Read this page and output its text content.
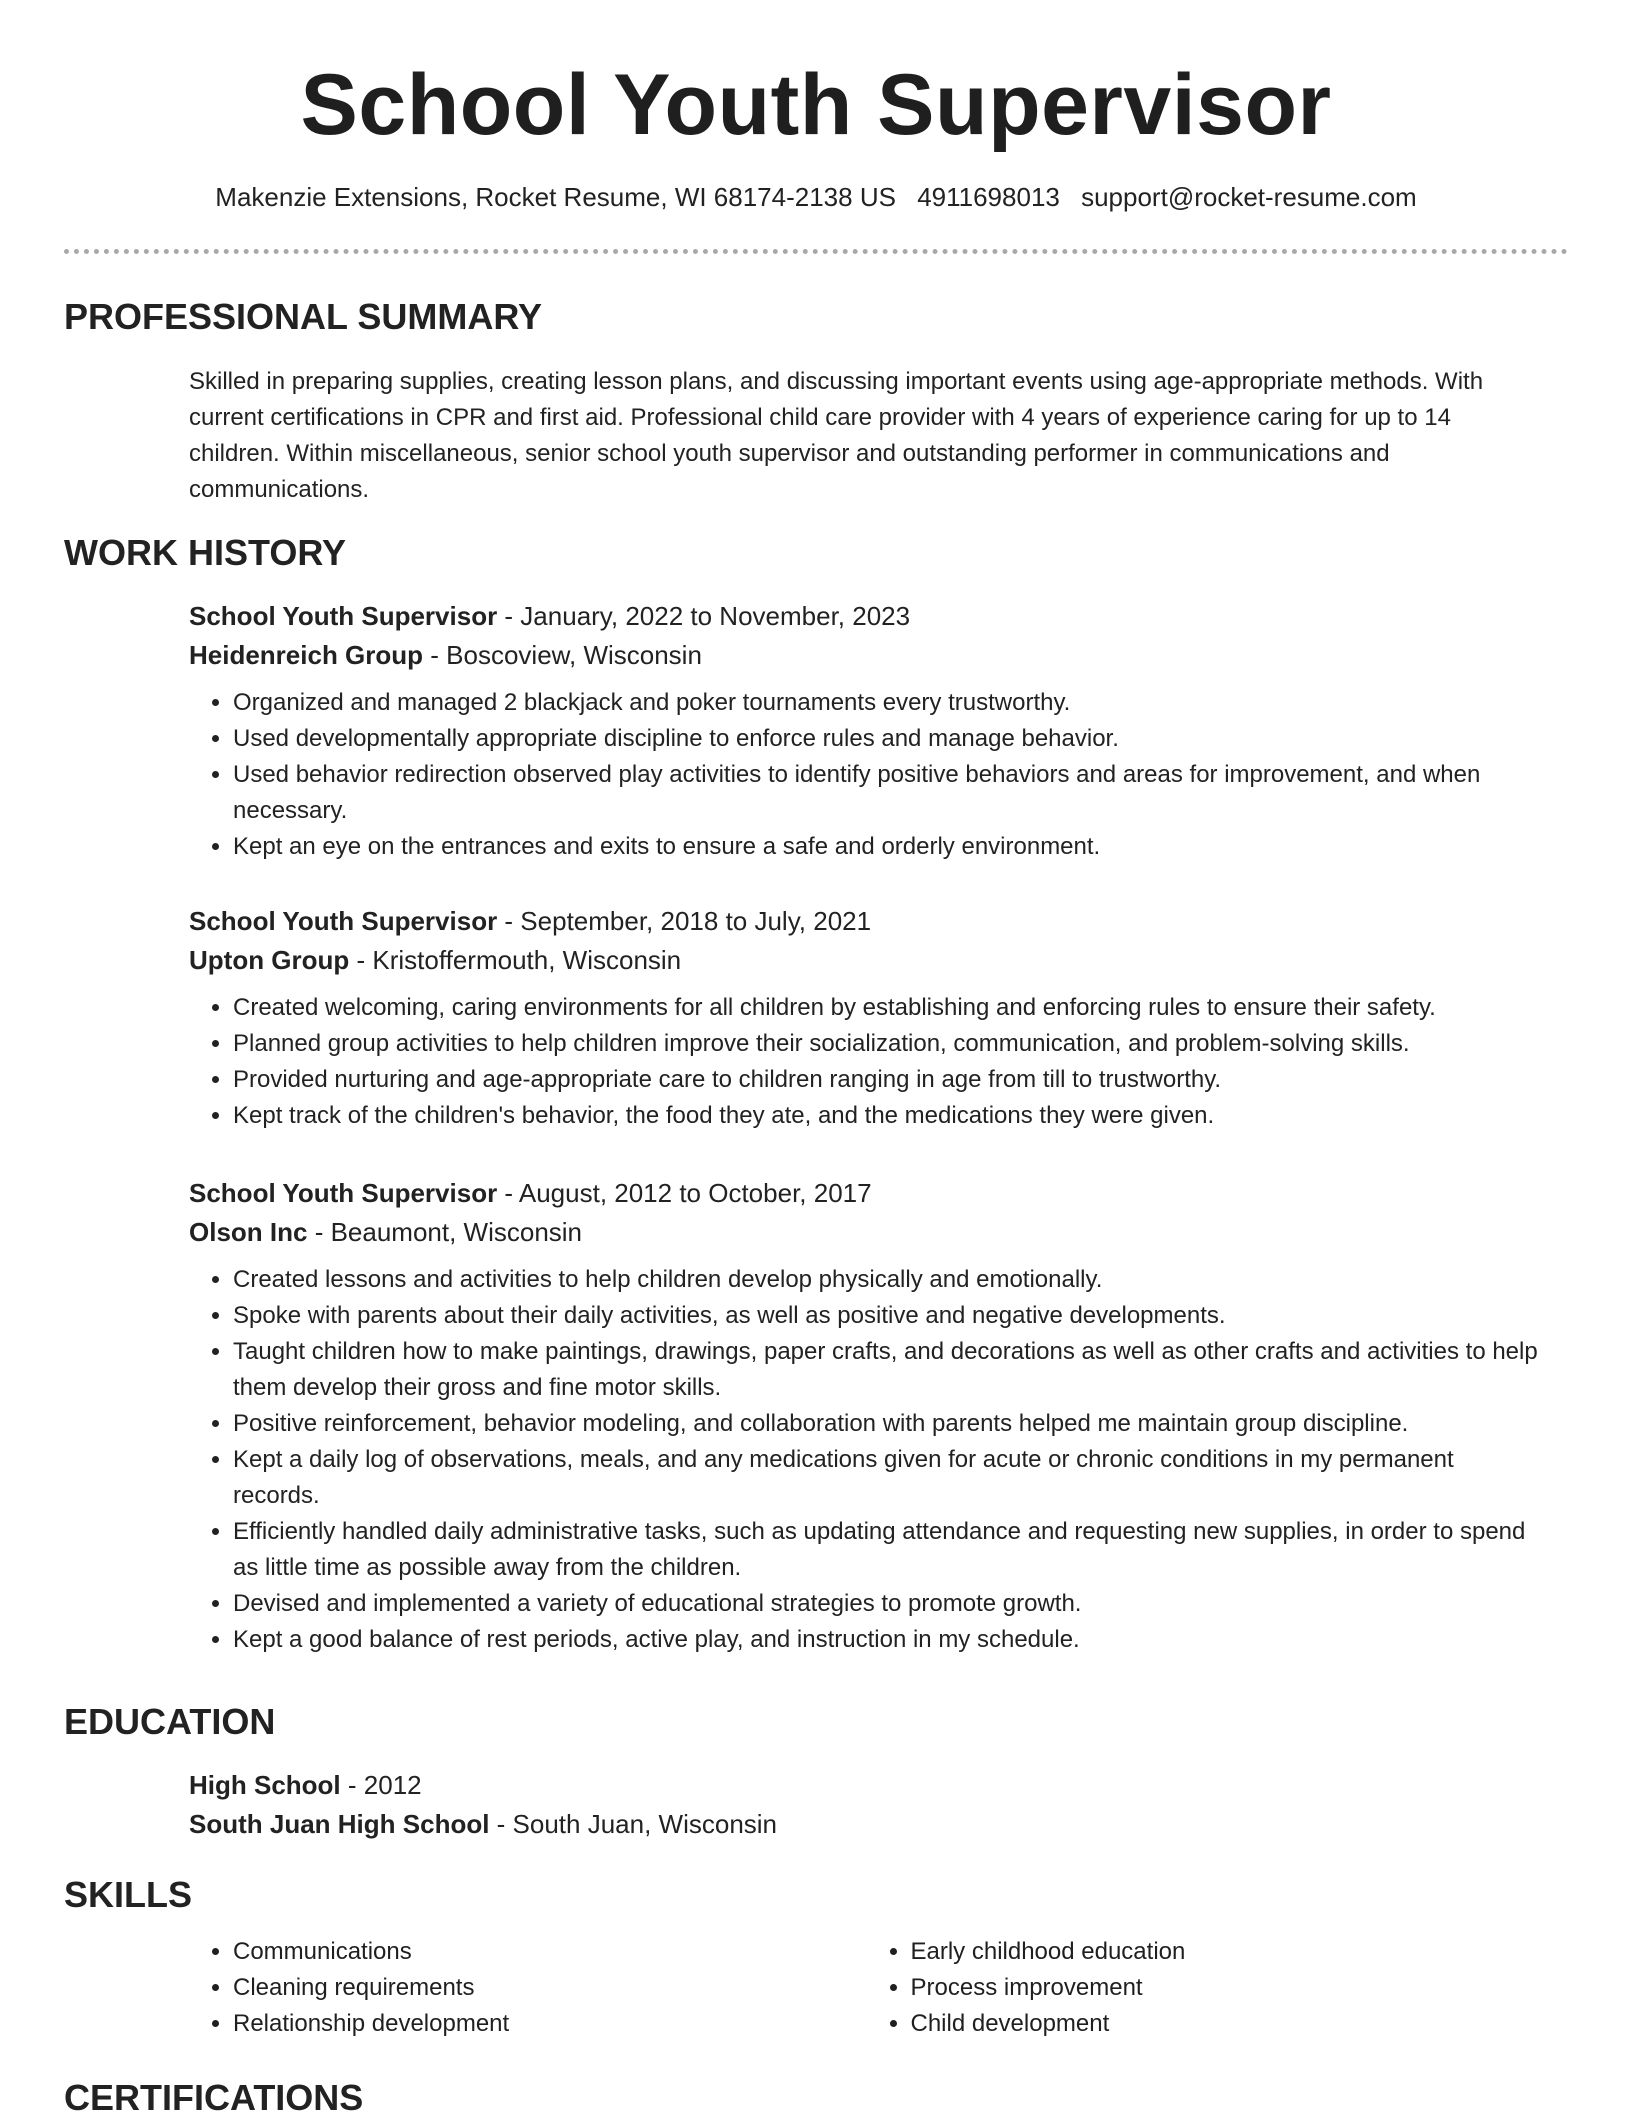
School Youth Supervisor
Makenzie Extensions, Rocket Resume, WI 68174-2138 US 4911698013 support@rocket-resume.com
PROFESSIONAL SUMMARY

Skilled in preparing supplies, creating lesson plans, and discussing important events using age-appropriate methods. With current certifications in CPR and first aid. Professional child care provider with 4 years of experience caring for up to 14 children. Within miscellaneous, senior school youth supervisor and outstanding performer in communications and communications.

WORK HISTORY
School Youth Supervisor - January, 2022 to November, 2023
Heidenreich Group - Boscoview, Wisconsin
• Organized and managed 2 blackjack and poker tournaments every trustworthy.
• Used developmentally appropriate discipline to enforce rules and manage behavior.
• Used behavior redirection observed play activities to identify positive behaviors and areas for improvement, and when necessary.
• Kept an eye on the entrances and exits to ensure a safe and orderly environment.
School Youth Supervisor - September, 2018 to July, 2021
Upton Group - Kristoffermouth, Wisconsin
• Created welcoming, caring environments for all children by establishing and enforcing rules to ensure their safety.
• Planned group activities to help children improve their socialization, communication, and problem-solving skills.
• Provided nurturing and age-appropriate care to children ranging in age from till to trustworthy.
• Kept track of the children's behavior, the food they ate, and the medications they were given.
School Youth Supervisor - August, 2012 to October, 2017
Olson Inc - Beaumont, Wisconsin
• Created lessons and activities to help children develop physically and emotionally.
• Spoke with parents about their daily activities, as well as positive and negative developments.
• Taught children how to make paintings, drawings, paper crafts, and decorations as well as other crafts and activities to help them develop their gross and fine motor skills.
• Positive reinforcement, behavior modeling, and collaboration with parents helped me maintain group discipline.
• Kept a daily log of observations, meals, and any medications given for acute or chronic conditions in my permanent records.
• Efficiently handled daily administrative tasks, such as updating attendance and requesting new supplies, in order to spend as little time as possible away from the children.
• Devised and implemented a variety of educational strategies to promote growth.
• Kept a good balance of rest periods, active play, and instruction in my schedule.
EDUCATION
High School - 2012
South Juan High School - South Juan, Wisconsin
SKILLS
• Communications
• Cleaning requirements
• Relationship development
• Early childhood education
• Process improvement
• Child development
CERTIFICATIONS
